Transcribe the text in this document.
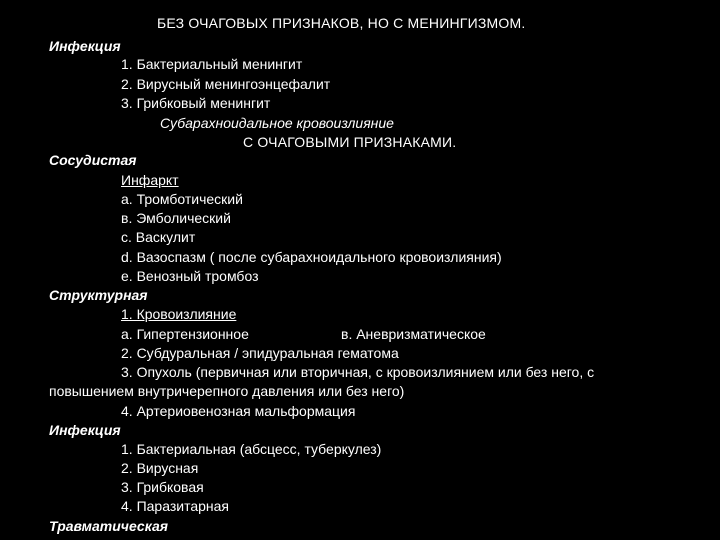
БЕЗ ОЧАГОВЫХ ПРИЗНАКОВ, НО С МЕНИНГИЗМОМ.
Инфекция
1. Бактериальный менингит
2. Вирусный менингоэнцефалит
3. Грибковый менингит
Субарахноидальное кровоизлияние
С ОЧАГОВЫМИ ПРИЗНАКАМИ.
Сосудистая
Инфаркт
а. Тромботический
в. Эмболический
с. Васкулит
d. Вазоспазм ( после субарахноидального кровоизлияния)
е. Венозный тромбоз
Структурная
1. Кровоизлияние
а. Гипертензионное	в. Аневризматическое
2. Субдуральная / эпидуральная гематома
3. Опухоль (первичная или вторичная, с кровоизлиянием или без него, с
повышением внутричерепного давления или без него)
4. Артериовенозная мальформация
Инфекция
1. Бактериальная (абсцесс, туберкулез)
2. Вирусная
3. Грибковая
4. Паразитарная
Травматическая
